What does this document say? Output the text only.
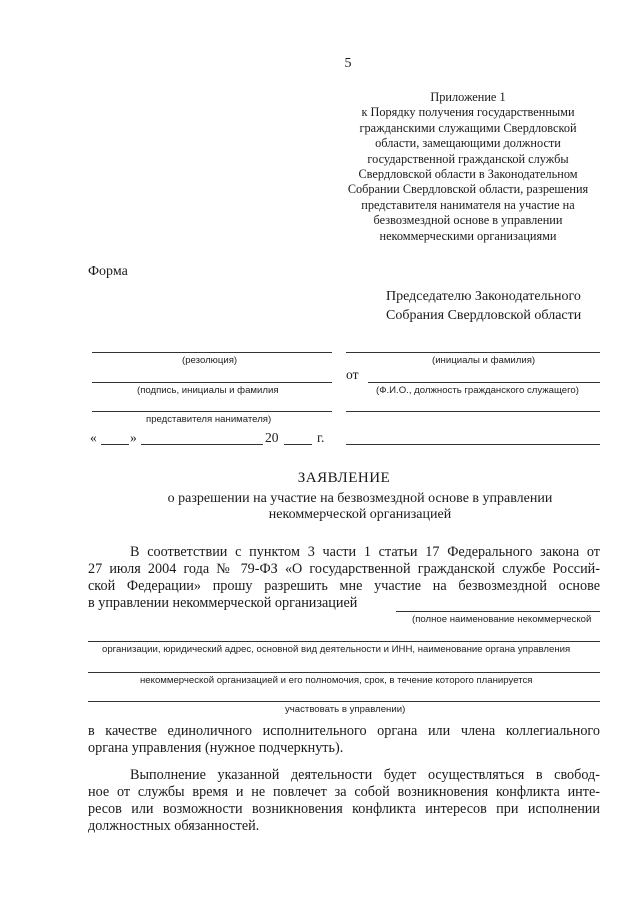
5
Приложение 1
к Порядку получения государственными
гражданскими служащими Свердловской
области, замещающими должности
государственной гражданской службы
Свердловской области в Законодательном
Собрании Свердловской области, разрешения
представителя нанимателя на участие на
безвозмездной основе в управлении
некоммерческими организациями
Форма
Председателю Законодательного
Собрания Свердловской области
(резолюция)
(подпись, инициалы и фамилия
представителя нанимателя)
« »	20	г.
(инициалы и фамилия)
от
(Ф.И.О., должность гражданского служащего)
ЗАЯВЛЕНИЕ
о разрешении на участие на безвозмездной основе в управлении
некоммерческой организацией
В соответствии с пунктом 3 части 1 статьи 17 Федерального закона от
27 июля 2004 года № 79-ФЗ «О государственной гражданской службе Россий-
ской Федерации» прошу разрешить мне участие на безвозмездной основе
в управлении некоммерческой организацией
(полное наименование некоммерческой
организации, юридический адрес, основной вид деятельности и ИНН, наименование органа управления
некоммерческой организацией и его полномочия, срок, в течение которого планируется
участвовать в управлении)
в качестве единоличного исполнительного органа или члена коллегиального
органа управления (нужное подчеркнуть).
Выполнение указанной деятельности будет осуществляться в свобод-
ное от службы время и не повлечет за собой возникновения конфликта инте-
ресов или возможности возникновения конфликта интересов при исполнении
должностных обязанностей.
